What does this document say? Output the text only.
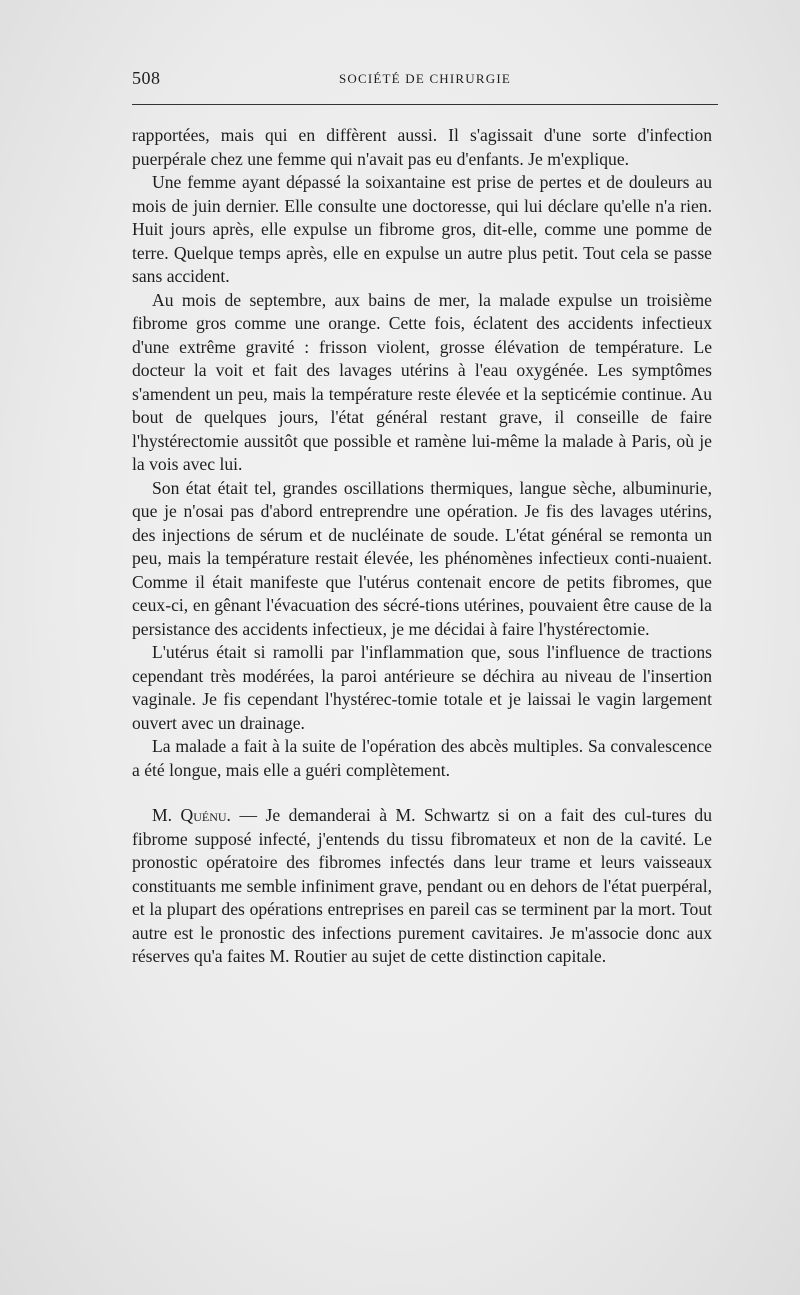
508	SOCIÉTÉ DE CHIRURGIE

rapportées, mais qui en diffèrent aussi. Il s'agissait d'une sorte d'infection puerpérale chez une femme qui n'avait pas eu d'enfants. Je m'explique.

Une femme ayant dépassé la soixantaine est prise de pertes et de douleurs au mois de juin dernier. Elle consulte une doctoresse, qui lui déclare qu'elle n'a rien. Huit jours après, elle expulse un fibrome gros, dit-elle, comme une pomme de terre. Quelque temps après, elle en expulse un autre plus petit. Tout cela se passe sans accident.

Au mois de septembre, aux bains de mer, la malade expulse un troisième fibrome gros comme une orange. Cette fois, éclatent des accidents infectieux d'une extrême gravité : frisson violent, grosse élévation de température. Le docteur la voit et fait des lavages utérins à l'eau oxygénée. Les symptômes s'amendent un peu, mais la température reste élevée et la septicémie continue. Au bout de quelques jours, l'état général restant grave, il conseille de faire l'hystérectomie aussitôt que possible et ramène lui-même la malade à Paris, où je la vois avec lui.

Son état était tel, grandes oscillations thermiques, langue sèche, albuminurie, que je n'osai pas d'abord entreprendre une opération. Je fis des lavages utérins, des injections de sérum et de nucléinate de soude. L'état général se remonta un peu, mais la température restait élevée, les phénomènes infectieux conti-nuaient. Comme il était manifeste que l'utérus contenait encore de petits fibromes, que ceux-ci, en gênant l'évacuation des sécré-tions utérines, pouvaient être cause de la persistance des accidents infectieux, je me décidai à faire l'hystérectomie.

L'utérus était si ramolli par l'inflammation que, sous l'influence de tractions cependant très modérées, la paroi antérieure se déchira au niveau de l'insertion vaginale. Je fis cependant l'hystérec-tomie totale et je laissai le vagin largement ouvert avec un drainage.

La malade a fait à la suite de l'opération des abcès multiples. Sa convalescence a été longue, mais elle a guéri complètement.

M. Quénu. — Je demanderai à M. Schwartz si on a fait des cul-tures du fibrome supposé infecté, j'entends du tissu fibromateux et non de la cavité. Le pronostic opératoire des fibromes infectés dans leur trame et leurs vaisseaux constituants me semble infiniment grave, pendant ou en dehors de l'état puerpéral, et la plupart des opérations entreprises en pareil cas se terminent par la mort. Tout autre est le pronostic des infections purement cavitaires. Je m'associe donc aux réserves qu'a faites M. Routier au sujet de cette distinction capitale.
